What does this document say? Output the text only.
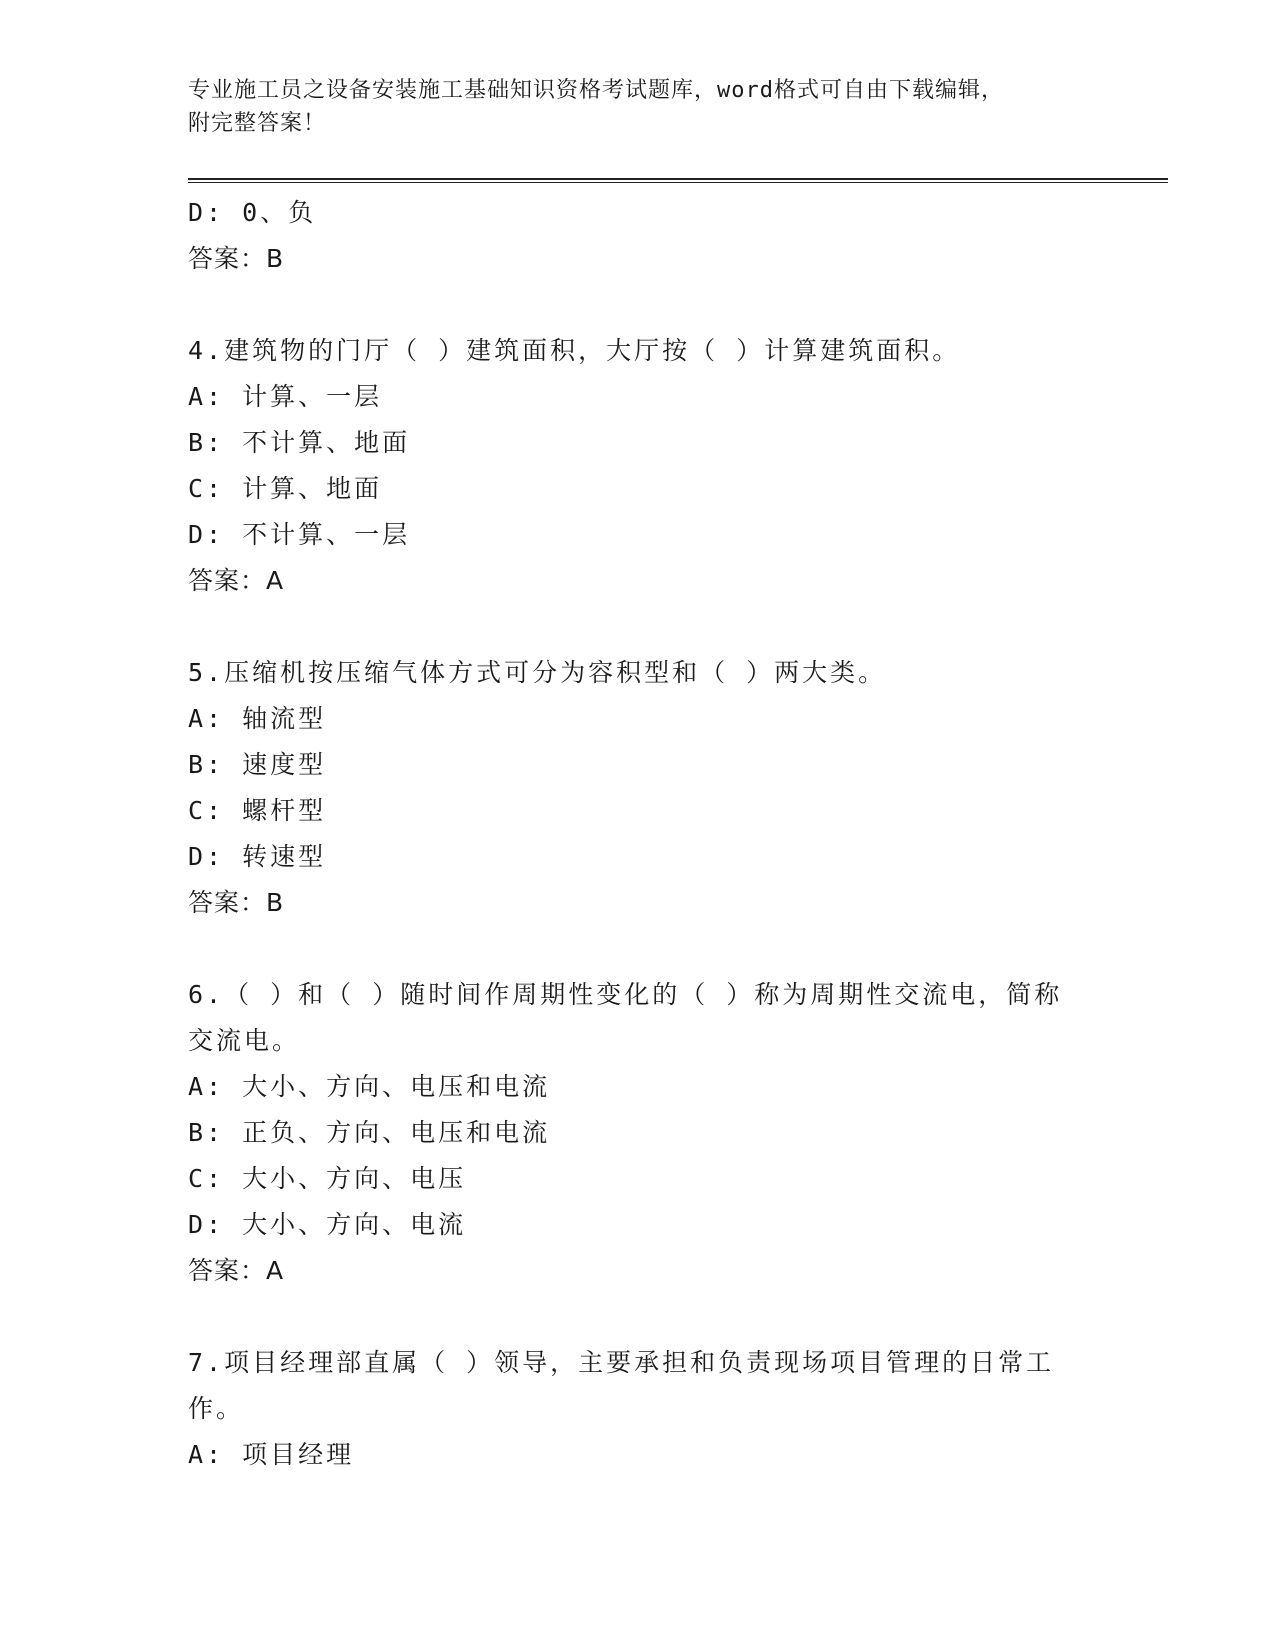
专业施工员之设备安装施工基础知识资格考试题库，word格式可自由下载编辑，
附完整答案！
D: 0、负
答案：B
4.建筑物的门厅（ ）建筑面积，大厅按（ ）计算建筑面积。
A: 计算、一层
B: 不计算、地面
C: 计算、地面
D: 不计算、一层
答案：A
5.压缩机按压缩气体方式可分为容积型和（ ）两大类。
A: 轴流型
B: 速度型
C: 螺杆型
D: 转速型
答案：B
6.（ ）和（ ）随时间作周期性变化的（ ）称为周期性交流电，简称
交流电。
A: 大小、方向、电压和电流
B: 正负、方向、电压和电流
C: 大小、方向、电压
D: 大小、方向、电流
答案：A
7.项目经理部直属（ ）领导，主要承担和负责现场项目管理的日常工
作。
A: 项目经理
